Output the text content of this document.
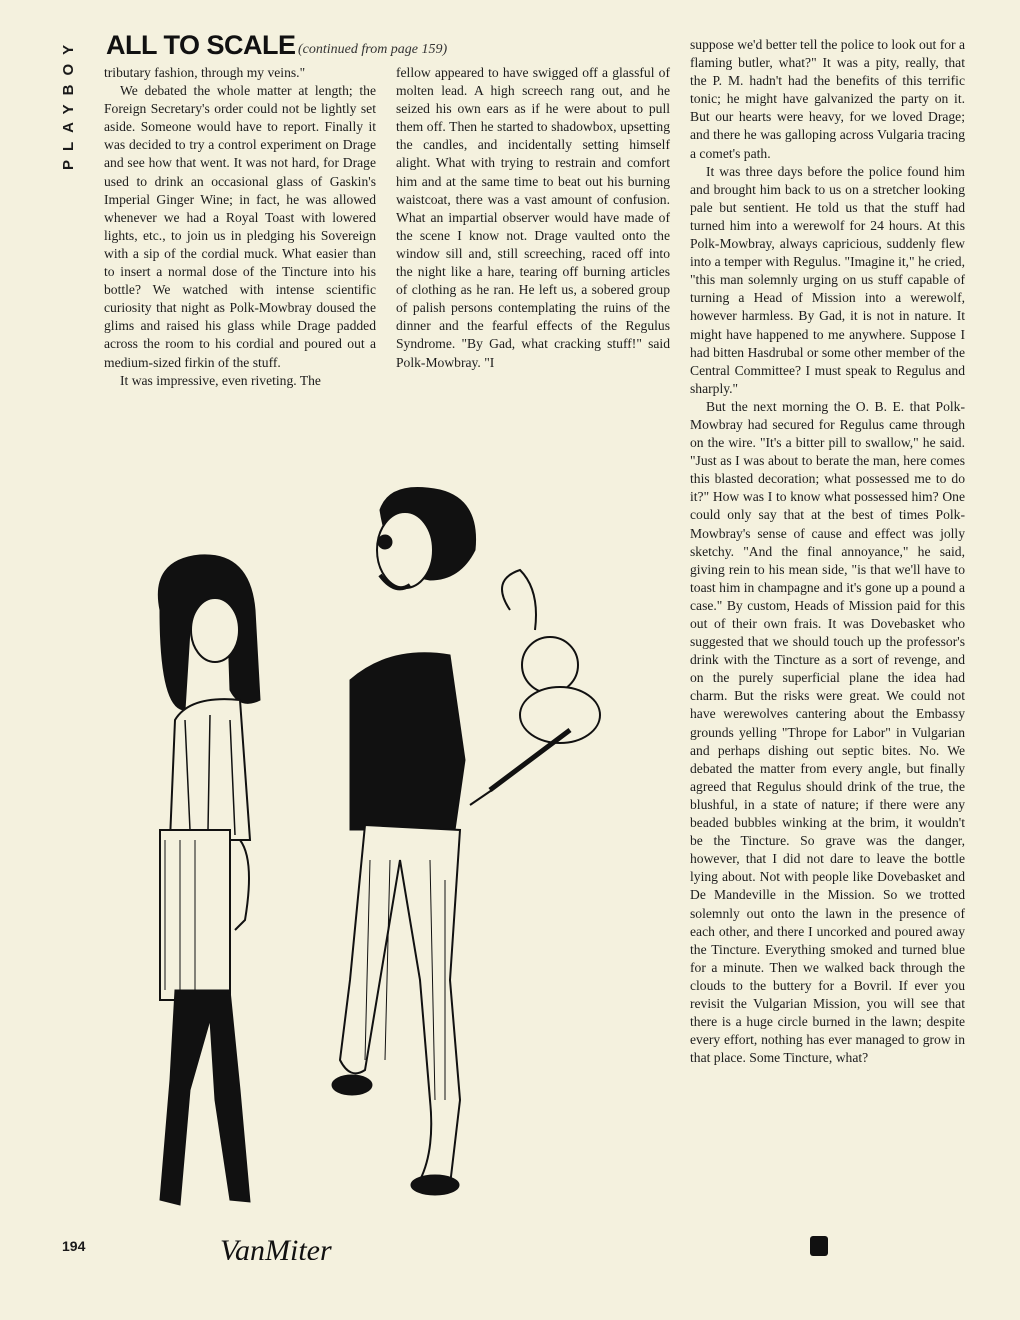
PLAYBOY	ALL TO SCALE (continued from page 159)

tributary fashion, through my veins."

We debated the whole matter at length; the Foreign Secretary's order could not be lightly set aside. Someone would have to report. Finally it was decided to try a control experiment on Drage and see how that went. It was not hard, for Drage used to drink an occasional glass of Gaskin's Imperial Ginger Wine; in fact, he was allowed whenever we had a Royal Toast with lowered lights, etc., to join us in pledging his Sovereign with a sip of the cordial muck. What easier than to insert a normal dose of the Tincture into his bottle? We watched with intense scientific curiosity that night as Polk-Mowbray doused the glims and raised his glass while Drage padded across the room to his cordial and poured out a medium-sized firkin of the stuff.

It was impressive, even riveting. The

fellow appeared to have swigged off a glassful of molten lead. A high screech rang out, and he seized his own ears as if he were about to pull them off. Then he started to shadowbox, upsetting the candles, and incidentally setting himself alight. What with trying to restrain and comfort him and at the same time to beat out his burning waistcoat, there was a vast amount of confusion. What an impartial observer would have made of the scene I know not. Drage vaulted onto the window sill and, still screeching, raced off into the night like a hare, tearing off burning articles of clothing as he ran. He left us, a sobered group of palish persons contemplating the ruins of the dinner and the fearful effects of the Regulus Syndrome. "By Gad, what cracking stuff!" said Polk-Mowbray. "I

suppose we'd better tell the police to look out for a flaming butler, what?" It was a pity, really, that the P. M. hadn't had the benefits of this terrific tonic; he might have galvanized the party on it. But our hearts were heavy, for we loved Drage; and there he was galloping across Vulgaria tracing a comet's path.

It was three days before the police found him and brought him back to us on a stretcher looking pale but sentient. He told us that the stuff had turned him into a werewolf for 24 hours. At this Polk-Mowbray, always capricious, suddenly flew into a temper with Regulus. "Imagine it," he cried, "this man solemnly urging on us stuff capable of turning a Head of Mission into a werewolf, however harmless. By Gad, it is not in nature. It might have happened to me anywhere. Suppose I had bitten Hasdrubal or some other member of the Central Committee? I must speak to Regulus and sharply."

But the next morning the O. B. E. that Polk-Mowbray had secured for Regulus came through on the wire. "It's a bitter pill to swallow," he said. "Just as I was about to berate the man, here comes this blasted decoration; what possessed me to do it?" How was I to know what possessed him? One could only say that at the best of times Polk-Mowbray's sense of cause and effect was jolly sketchy. "And the final annoyance," he said, giving rein to his mean side, "is that we'll have to toast him in champagne and it's gone up a pound a case." By custom, Heads of Mission paid for this out of their own frais. It was Dovebasket who suggested that we should touch up the professor's drink with the Tincture as a sort of revenge, and on the purely superficial plane the idea had charm. But the risks were great. We could not have werewolves cantering about the Embassy grounds yelling "Thrope for Labor" in Vulgarian and perhaps dishing out septic bites. No. We debated the matter from every angle, but finally agreed that Regulus should drink of the true, the blushful, in a state of nature; if there were any beaded bubbles winking at the brim, it wouldn't be the Tincture. So grave was the danger, however, that I did not dare to leave the bottle lying about. Not with people like Dovebasket and De Mandeville in the Mission. So we trotted solemnly out onto the lawn in the presence of each other, and there I uncorked and poured away the Tincture. Everything smoked and turned blue for a minute. Then we walked back through the clouds to the buttery for a Bovril. If ever you revisit the Vulgarian Mission, you will see that there is a huge circle burned in the lawn; despite every effort, nothing has ever managed to grow in that place. Some Tincture, what?

VanMiter
194
